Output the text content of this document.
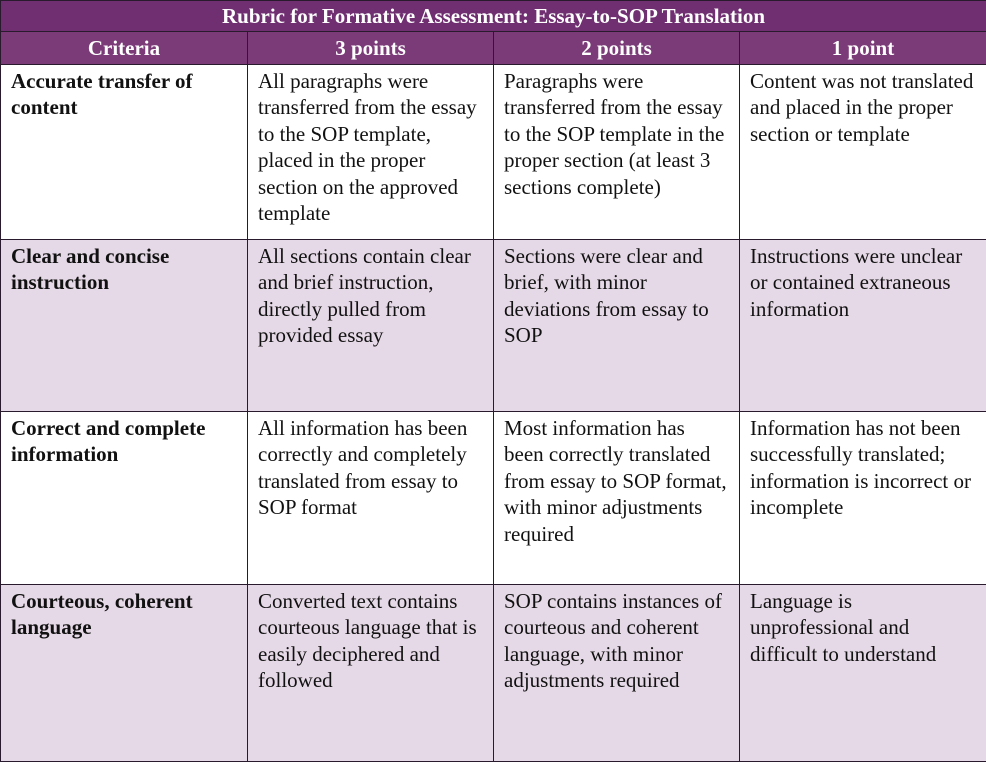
Rubric for Formative Assessment: Essay-to-SOP Translation			
Criteria	3 points	2 points	1 point
Accurate transfer of content	All paragraphs were transferred from the essay to the SOP template, placed in the proper section on the approved template	Paragraphs were transferred from the essay to the SOP template in the proper section (at least 3 sections complete)	Content was not translated and placed in the proper section or template
Clear and concise instruction	All sections contain clear and brief instruction, directly pulled from provided essay	Sections were clear and brief, with minor deviations from essay to SOP	Instructions were unclear or contained extraneous information
Correct and complete information	All information has been correctly and completely translated from essay to SOP format	Most information has been correctly translated from essay to SOP format, with minor adjustments required	Information has not been successfully translated; information is incorrect or incomplete
Courteous, coherent language	Converted text contains courteous language that is easily deciphered and followed	SOP contains instances of courteous and coherent language, with minor adjustments required	Language is unprofessional and difficult to understand
